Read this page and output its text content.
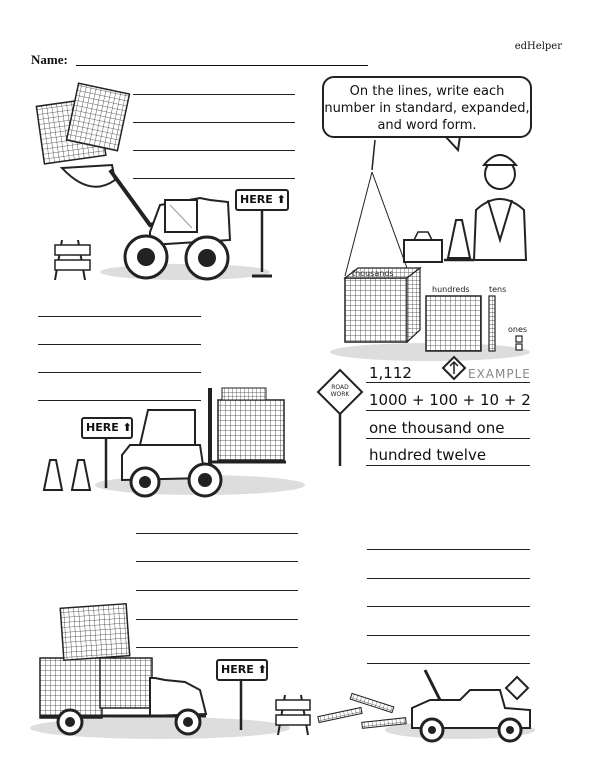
edHelper
Name:
On the lines, write each
number in standard, expanded,
and word form.
HERE ⬆
HERE ⬆
HERE ⬆
ROAD
WORK
thousands
hundreds tens
ones
1,112	EXAMPLE
1000 + 100 + 10 + 2
one thousand one
hundred twelve
